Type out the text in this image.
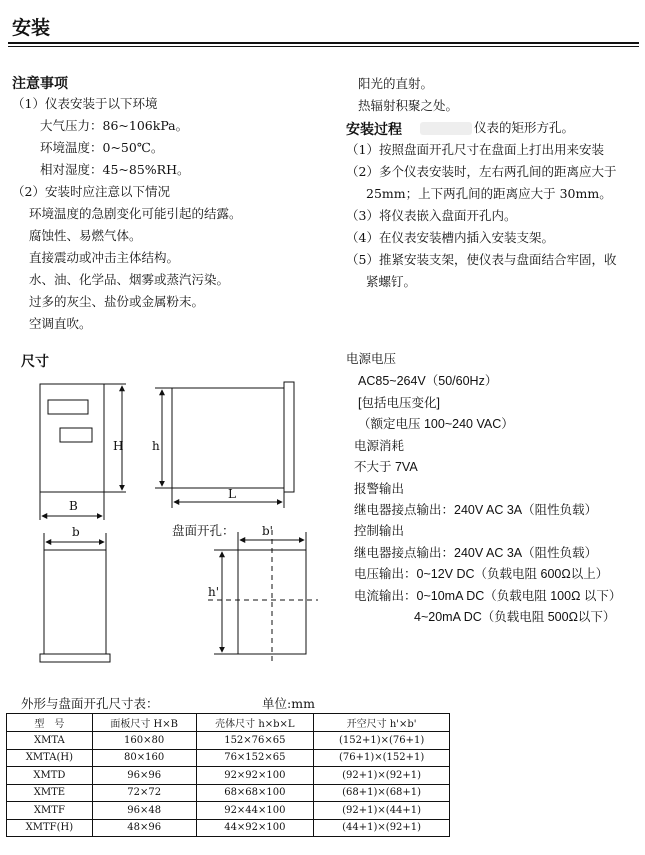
安装
注意事项
（1）仪表安装于以下环境
大气压力：86~106kPa。
环境温度：0~50℃。
相对湿度：45~85%RH。
（2）安装时应注意以下情况
环境温度的急剧变化可能引起的结露。
腐蚀性、易燃气体。
直接震动或冲击主体结构。
水、油、化学品、烟雾或蒸汽污染。
过多的灰尘、盐份或金属粉末。
空调直吹。
阳光的直射。
热辐射积聚之处。
安装过程	仪表的矩形方孔。
（1）按照盘面开孔尺寸在盘面上打出用来安装
（2）多个仪表安装时，左右两孔间的距离应大于
25mm；上下两孔间的距离应大于 30mm。
（3）将仪表嵌入盘面开孔内。
（4）在仪表安装槽内插入安装支架。
（5）推紧安装支架，使仪表与盘面结合牢固，收
紧螺钉。
尺寸
H
B
h
L
b	盘面开孔： b'
h'
电源电压
AC85~264V（50/60Hz）
[包括电压变化]
（额定电压 100~240 VAC）
电源消耗
不大于 7VA
报警输出
继电器接点输出：240V AC 3A（阻性负载）
控制输出
继电器接点输出：240V AC 3A（阻性负载）
电压输出：0~12V DC（负载电阻 600Ω以上）
电流输出：0~10mA DC（负载电阻 100Ω 以下）
4~20mA DC（负载电阻 500Ω以下）
外形与盘面开孔尺寸表：	单位:mm
型　号	面板尺寸 H×B	壳体尺寸 h×b×L	开空尺寸 h'×b'
XMTA	160×80	152×76×65	(152+1)×(76+1)
XMTA(H)	80×160	76×152×65	(76+1)×(152+1)
XMTD	96×96	92×92×100	(92+1)×(92+1)
XMTE	72×72	68×68×100	(68+1)×(68+1)
XMTF	96×48	92×44×100	(92+1)×(44+1)
XMTF(H)	48×96	44×92×100	(44+1)×(92+1)
